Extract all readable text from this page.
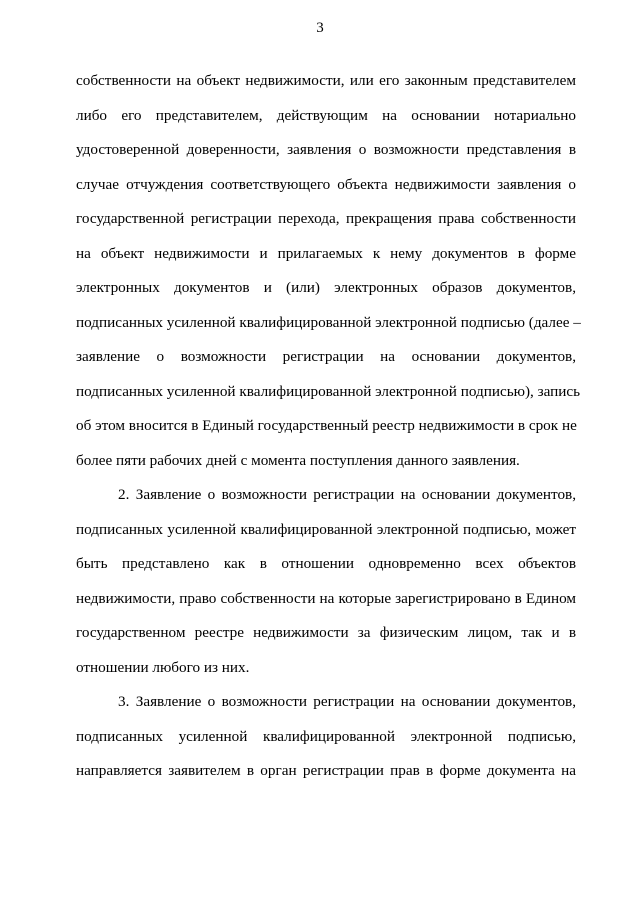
3
собственности на объект недвижимости, или его законным представителем
либо его представителем, действующим на основании нотариально
удостоверенной доверенности, заявления о возможности представления в
случае отчуждения соответствующего объекта недвижимости заявления о
государственной регистрации перехода, прекращения права собственности
на объект недвижимости и прилагаемых к нему документов в форме
электронных документов и (или) электронных образов документов,
подписанных усиленной квалифицированной электронной подписью (далее –
заявление о возможности регистрации на основании документов,
подписанных усиленной квалифицированной электронной подписью), запись
об этом вносится в Единый государственный реестр недвижимости в срок не
более пяти рабочих дней с момента поступления данного заявления.
2. Заявление о возможности регистрации на основании документов,
подписанных усиленной квалифицированной электронной подписью, может
быть представлено как в отношении одновременно всех объектов
недвижимости, право собственности на которые зарегистрировано в Едином
государственном реестре недвижимости за физическим лицом, так и в
отношении любого из них.
3. Заявление о возможности регистрации на основании документов,
подписанных усиленной квалифицированной электронной подписью,
направляется заявителем в орган регистрации прав в форме документа на
